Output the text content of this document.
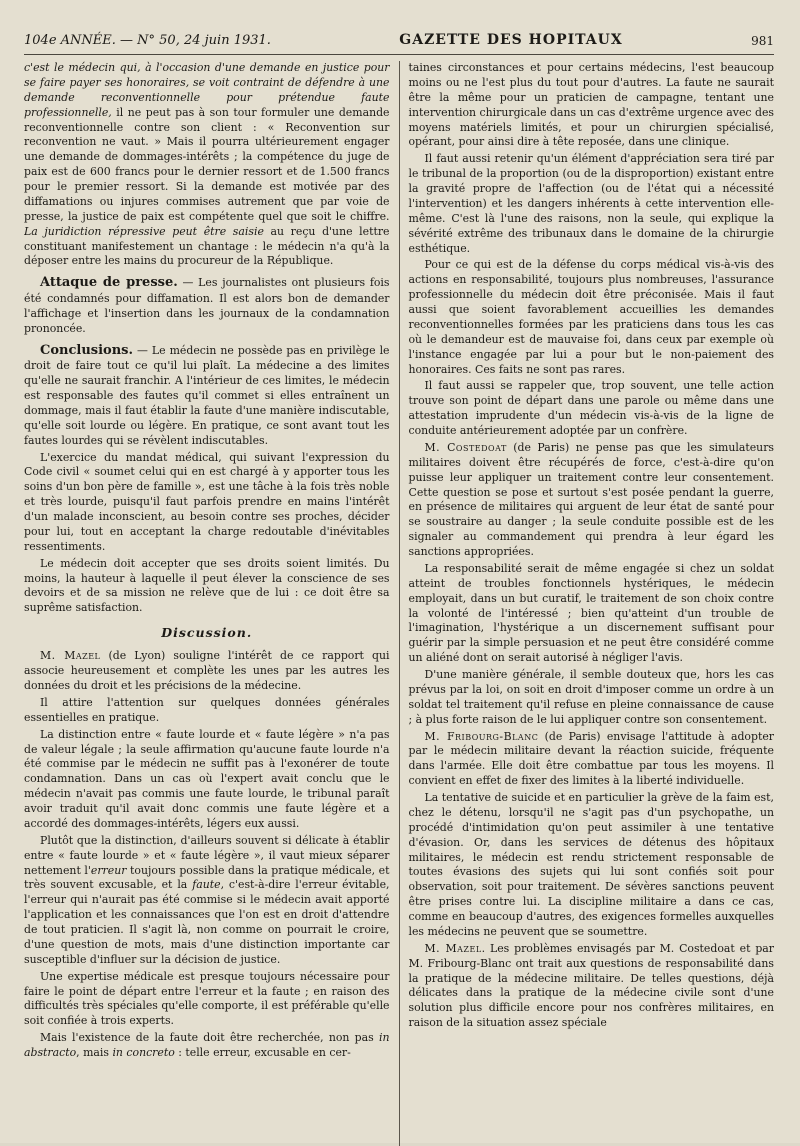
104e ANNÉE. — N° 50, 24 juin 1931.	GAZETTE DES HOPITAUX	981

c'est le médecin qui, à l'occasion d'une demande en justice pour se faire payer ses honoraires, se voit contraint de défendre à une demande reconventionnelle pour prétendue faute professionnelle, il ne peut pas à son tour formuler une demande reconventionnelle contre son client : « Reconvention sur reconvention ne vaut. » Mais il pourra ultérieurement engager une demande de dommages-intérêts ; la compétence du juge de paix est de 600 francs pour le dernier ressort et de 1.500 francs pour le premier ressort. Si la demande est motivée par des diffamations ou injures commises autrement que par voie de presse, la justice de paix est compétente quel que soit le chiffre. La juridiction répressive peut être saisie au reçu d'une lettre constituant manifestement un chantage : le médecin n'a qu'à la déposer entre les mains du procureur de la République.

Attaque de presse. — Les journalistes ont plusieurs fois été condamnés pour diffamation. Il est alors bon de demander l'affichage et l'insertion dans les journaux de la condamnation prononcée.

Conclusions. — Le médecin ne possède pas en privilège le droit de faire tout ce qu'il lui plaît. La médecine a des limites qu'elle ne saurait franchir. A l'intérieur de ces limites, le médecin est responsable des fautes qu'il commet si elles entraînent un dommage, mais il faut établir la faute d'une manière indiscutable, qu'elle soit lourde ou légère. En pratique, ce sont avant tout les fautes lourdes qui se révèlent indiscutables.

L'exercice du mandat médical, qui suivant l'expression du Code civil « soumet celui qui en est chargé à y apporter tous les soins d'un bon père de famille », est une tâche à la fois très noble et très lourde, puisqu'il faut parfois prendre en mains l'intérêt d'un malade inconscient, au besoin contre ses proches, décider pour lui, tout en acceptant la charge redoutable d'inévitables ressentiments.

Le médecin doit accepter que ses droits soient limités. Du moins, la hauteur à laquelle il peut élever la conscience de ses devoirs et de sa mission ne relève que de lui : ce doit être sa suprême satisfaction.

Discussion.

M. Mazel (de Lyon) souligne l'intérêt de ce rapport qui associe heureusement et complète les unes par les autres les données du droit et les précisions de la médecine.

Il attire l'attention sur quelques données générales essentielles en pratique.

La distinction entre « faute lourde et « faute légère » n'a pas de valeur légale ; la seule affirmation qu'aucune faute lourde n'a été commise par le médecin ne suffit pas à l'exonérer de toute condamnation. Dans un cas où l'expert avait conclu que le médecin n'avait pas commis une faute lourde, le tribunal paraît avoir traduit qu'il avait donc commis une faute légère et a accordé des dommages-intérêts, légers eux aussi.

Plutôt que la distinction, d'ailleurs souvent si délicate à établir entre « faute lourde » et « faute légère », il vaut mieux séparer nettement l'erreur toujours possible dans la pratique médicale, et très souvent excusable, et la faute, c'est-à-dire l'erreur évitable, l'erreur qui n'aurait pas été commise si le médecin avait apporté l'application et les connaissances que l'on est en droit d'attendre de tout praticien. Il s'agit là, non comme on pourrait le croire, d'une question de mots, mais d'une distinction importante car susceptible d'influer sur la décision de justice.

Une expertise médicale est presque toujours nécessaire pour faire le point de départ entre l'erreur et la faute ; en raison des difficultés très spéciales qu'elle comporte, il est préférable qu'elle soit confiée à trois experts.

Mais l'existence de la faute doit être recherchée, non pas in abstracto, mais in concreto : telle erreur, excusable en cer-

taines circonstances et pour certains médecins, l'est beaucoup moins ou ne l'est plus du tout pour d'autres. La faute ne saurait être la même pour un praticien de campagne, tentant une intervention chirurgicale dans un cas d'extrême urgence avec des moyens matériels limités, et pour un chirurgien spécialisé, opérant, pour ainsi dire à tête reposée, dans une clinique.

Il faut aussi retenir qu'un élément d'appréciation sera tiré par le tribunal de la proportion (ou de la disproportion) existant entre la gravité propre de l'affection (ou de l'état qui a nécessité l'intervention) et les dangers inhérents à cette intervention elle-même. C'est là l'une des raisons, non la seule, qui explique la sévérité extrême des tribunaux dans le domaine de la chirurgie esthétique.

Pour ce qui est de la défense du corps médical vis-à-vis des actions en responsabilité, toujours plus nombreuses, l'assurance professionnelle du médecin doit être préconisée. Mais il faut aussi que soient favorablement accueillies les demandes reconventionnelles formées par les praticiens dans tous les cas où le demandeur est de mauvaise foi, dans ceux par exemple où l'instance engagée par lui a pour but le non-paiement des honoraires. Ces faits ne sont pas rares.

Il faut aussi se rappeler que, trop souvent, une telle action trouve son point de départ dans une parole ou même dans une attestation imprudente d'un médecin vis-à-vis de la ligne de conduite antérieurement adoptée par un confrère.

M. Costedoat (de Paris) ne pense pas que les simulateurs militaires doivent être récupérés de force, c'est-à-dire qu'on puisse leur appliquer un traitement contre leur consentement. Cette question se pose et surtout s'est posée pendant la guerre, en présence de militaires qui arguent de leur état de santé pour se soustraire au danger ; la seule conduite possible est de les signaler au commandement qui prendra à leur égard les sanctions appropriées.

La responsabilité serait de même engagée si chez un soldat atteint de troubles fonctionnels hystériques, le médecin employait, dans un but curatif, le traitement de son choix contre la volonté de l'intéressé ; bien qu'atteint d'un trouble de l'imagination, l'hystérique a un discernement suffisant pour guérir par la simple persuasion et ne peut être considéré comme un aliéné dont on serait autorisé à négliger l'avis.

D'une manière générale, il semble douteux que, hors les cas prévus par la loi, on soit en droit d'imposer comme un ordre à un soldat tel traitement qu'il refuse en pleine connaissance de cause ; à plus forte raison de le lui appliquer contre son consentement.

M. Fribourg-Blanc (de Paris) envisage l'attitude à adopter par le médecin militaire devant la réaction suicide, fréquente dans l'armée. Elle doit être combattue par tous les moyens. Il convient en effet de fixer des limites à la liberté individuelle.

La tentative de suicide et en particulier la grève de la faim est, chez le détenu, lorsqu'il ne s'agit pas d'un psychopathe, un procédé d'intimidation qu'on peut assimiler à une tentative d'évasion. Or, dans les services de détenus des hôpitaux militaires, le médecin est rendu strictement responsable de toutes évasions des sujets qui lui sont confiés soit pour observation, soit pour traitement. De sévères sanctions peuvent être prises contre lui. La discipline militaire a dans ce cas, comme en beaucoup d'autres, des exigences formelles auxquelles les médecins ne peuvent que se soumettre.

M. Mazel. Les problèmes envisagés par M. Costedoat et par M. Fribourg-Blanc ont trait aux questions de responsabilité dans la pratique de la médecine militaire. De telles questions, déjà délicates dans la pratique de la médecine civile sont d'une solution plus difficile encore pour nos confrères militaires, en raison de la situation assez spéciale
